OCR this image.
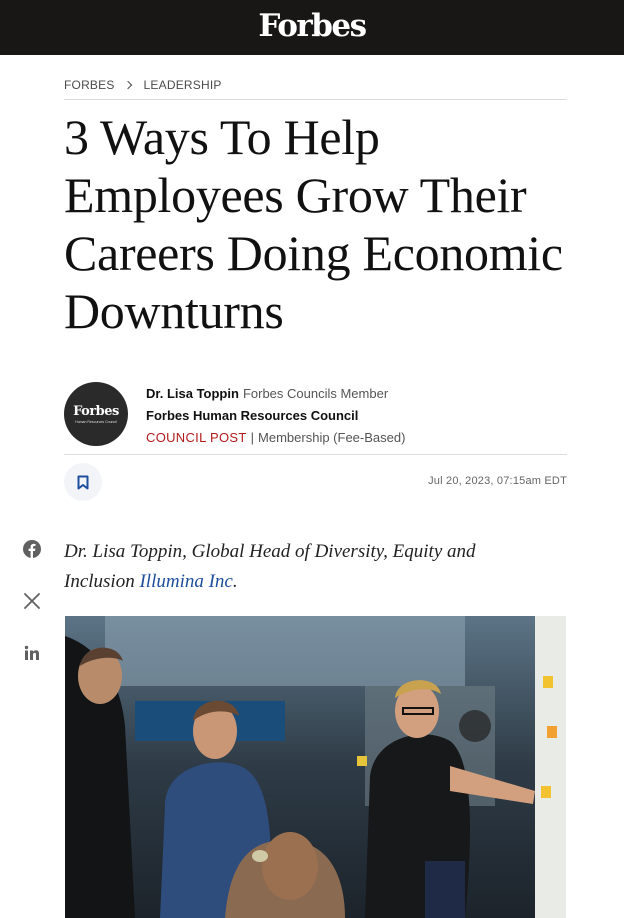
Forbes
FORBES LEADERSHIP
3 Ways To Help Employees Grow Their Careers Doing Economic Downturns
Forbes
Human Resources Council
Dr. Lisa Toppin Forbes Councils Member
Forbes Human Resources Council
COUNCIL POST | Membership (Fee-Based)
Jul 20, 2023, 07:15am EDT

Dr. Lisa Toppin, Global Head of Diversity, Equity and Inclusion Illumina Inc.
